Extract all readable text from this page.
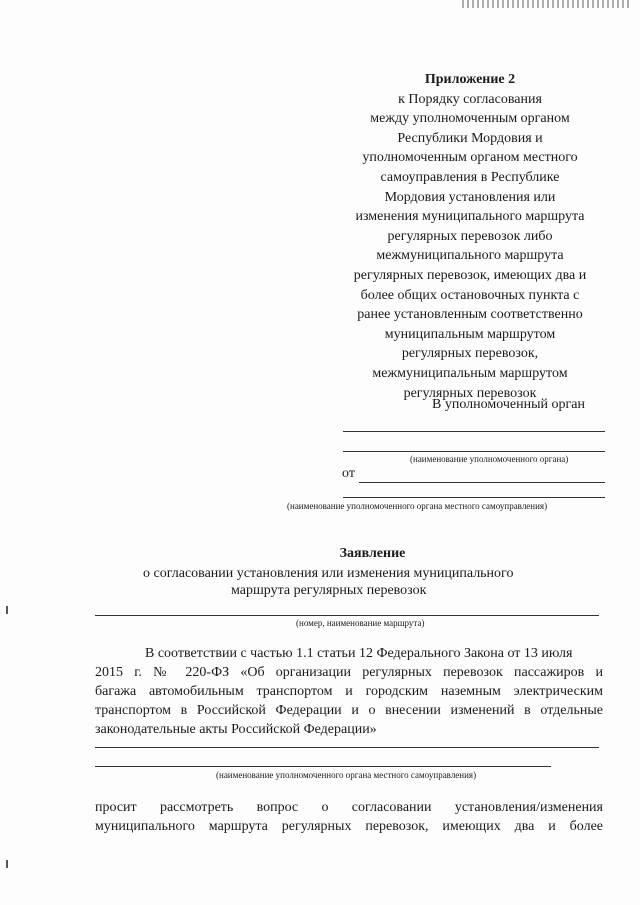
Приложение 2
к Порядку согласования
между уполномоченным органом
Республики Мордовия и
уполномоченным органом местного
самоуправления в Республике
Мордовия установления или
изменения муниципального маршрута
регулярных перевозок либо
межмуниципального маршрута
регулярных перевозок, имеющих два и
более общих остановочных пункта с
ранее установленным соответственно
муниципальным маршрутом
регулярных перевозок,
межмуниципальным маршрутом
регулярных перевозок
В уполномоченный орган
(наименование уполномоченного органа)
от
(наименование уполномоченного органа местного самоуправления)
Заявление
о согласовании установления или изменения муниципального
маршрута регулярных перевозок
(номер, наименование маршрута)
В соответствии с частью 1.1 статьи 12 Федерального Закона от 13 июля
2015 г. № 220-ФЗ «Об организации регулярных перевозок пассажиров и
багажа автомобильным транспортом и городским наземным электрическим
транспортом в Российской Федерации и о внесении изменений в отдельные
законодательные акты Российской Федерации»
(наименование уполномоченного органа местного самоуправления)
просит рассмотреть вопрос о согласовании установления/изменения
муниципального маршрута регулярных перевозок, имеющих два и более
